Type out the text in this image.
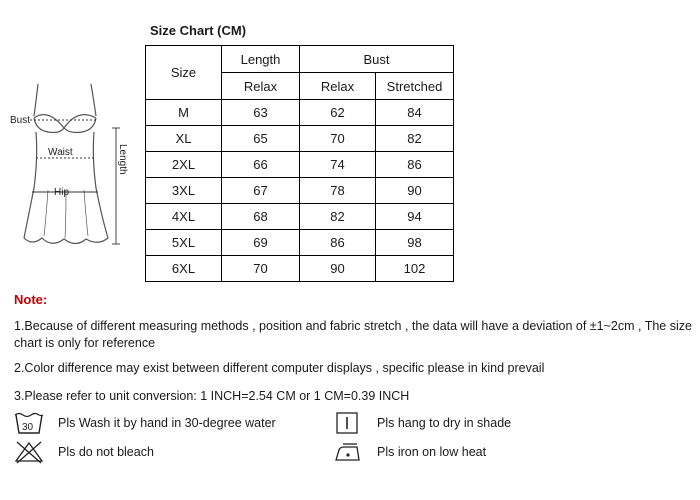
Bust
Waist
Hip
Length
Size Chart (CM)
Size	Length	Bust	
	Relax	Relax	Stretched
M	63	62	84
XL	65	70	82
2XL	66	74	86
3XL	67	78	90
4XL	68	82	94
5XL	69	86	98
6XL	70	90	102
Note:
1.Because of different measuring methods , position and fabric stretch , the data will have a deviation of ±1~2cm , The size chart is only for reference
2.Color difference may exist between different computer displays , specific please in kind prevail
3.Please refer to unit conversion: 1 INCH=2.54 CM or 1 CM=0.39 INCH
30 Pls Wash it by hand in 30-degree water
Pls do not bleach
Pls hang to dry in shade
Pls iron on low heat
